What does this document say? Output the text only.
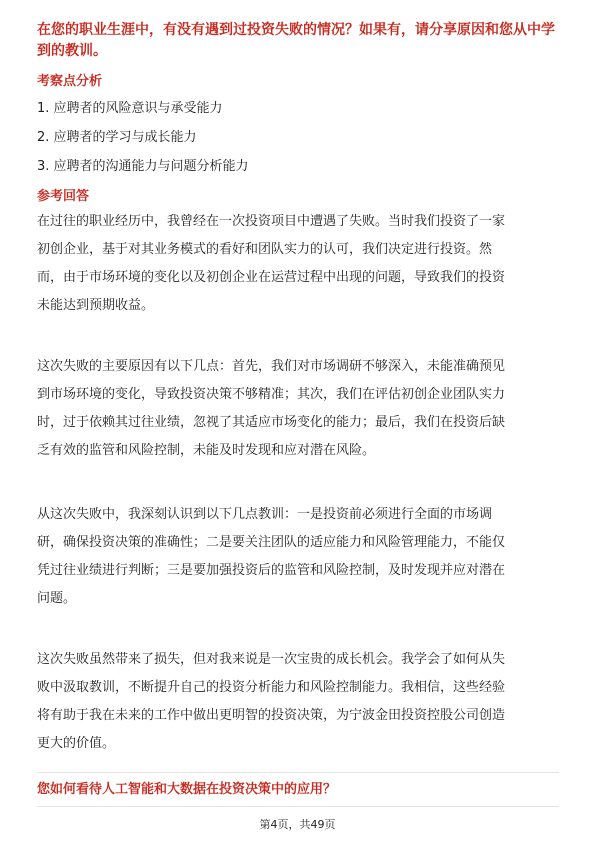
在您的职业生涯中，有没有遇到过投资失败的情况？如果有，请分享原因和您从中学到的教训。
考察点分析
1. 应聘者的风险意识与承受能力
2. 应聘者的学习与成长能力
3. 应聘者的沟通能力与问题分析能力
参考回答

在过往的职业经历中，我曾经在一次投资项目中遭遇了失败。当时我们投资了一家
初创企业，基于对其业务模式的看好和团队实力的认可，我们决定进行投资。然
而，由于市场环境的变化以及初创企业在运营过程中出现的问题，导致我们的投资
未能达到预期收益。

这次失败的主要原因有以下几点：首先，我们对市场调研不够深入，未能准确预见
到市场环境的变化，导致投资决策不够精准；其次，我们在评估初创企业团队实力
时，过于依赖其过往业绩，忽视了其适应市场变化的能力；最后，我们在投资后缺
乏有效的监管和风险控制，未能及时发现和应对潜在风险。

从这次失败中，我深刻认识到以下几点教训：一是投资前必须进行全面的市场调
研，确保投资决策的准确性；二是要关注团队的适应能力和风险管理能力，不能仅
凭过往业绩进行判断；三是要加强投资后的监管和风险控制，及时发现并应对潜在
问题。

这次失败虽然带来了损失，但对我来说是一次宝贵的成长机会。我学会了如何从失
败中汲取教训，不断提升自己的投资分析能力和风险控制能力。我相信，这些经验
将有助于我在未来的工作中做出更明智的投资决策，为宁波金田投资控股公司创造
更大的价值。

您如何看待人工智能和大数据在投资决策中的应用？
第4页，共49页
